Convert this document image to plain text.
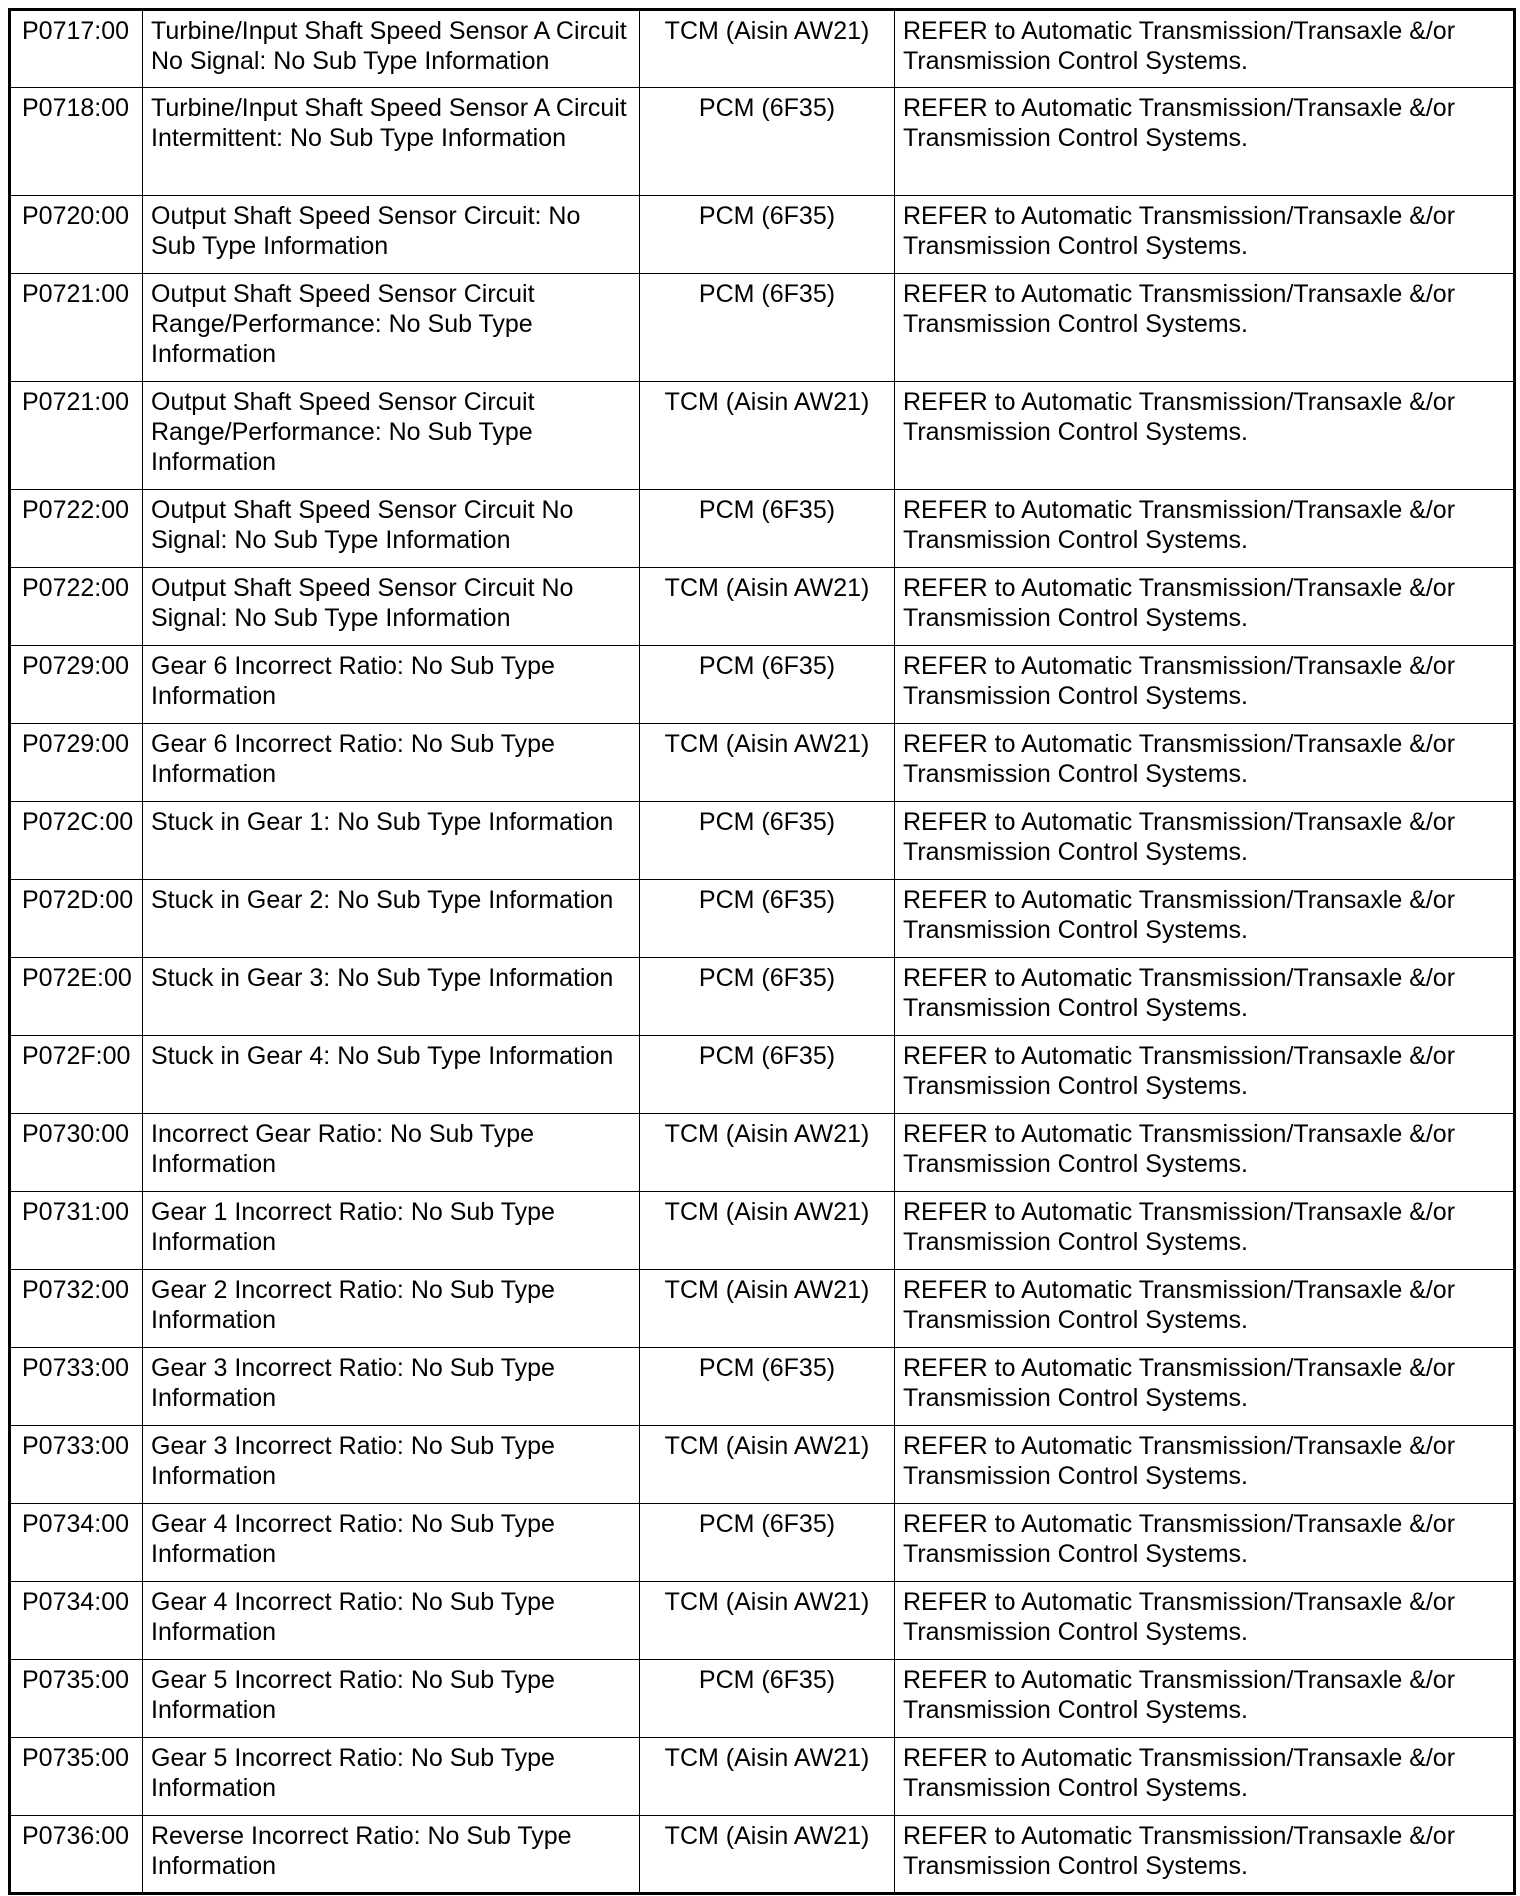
P0717:00	Turbine/Input Shaft Speed Sensor A Circuit No Signal: No Sub Type Information	TCM (Aisin AW21)	REFER to Automatic Transmission/Transaxle &/or Transmission Control Systems.
P0718:00	Turbine/Input Shaft Speed Sensor A Circuit Intermittent: No Sub Type Information	PCM (6F35)	REFER to Automatic Transmission/Transaxle &/or Transmission Control Systems.
P0720:00	Output Shaft Speed Sensor Circuit: No Sub Type Information	PCM (6F35)	REFER to Automatic Transmission/Transaxle &/or Transmission Control Systems.
P0721:00	Output Shaft Speed Sensor Circuit Range/Performance: No Sub Type Information	PCM (6F35)	REFER to Automatic Transmission/Transaxle &/or Transmission Control Systems.
P0721:00	Output Shaft Speed Sensor Circuit Range/Performance: No Sub Type Information	TCM (Aisin AW21)	REFER to Automatic Transmission/Transaxle &/or Transmission Control Systems.
P0722:00	Output Shaft Speed Sensor Circuit No Signal: No Sub Type Information	PCM (6F35)	REFER to Automatic Transmission/Transaxle &/or Transmission Control Systems.
P0722:00	Output Shaft Speed Sensor Circuit No Signal: No Sub Type Information	TCM (Aisin AW21)	REFER to Automatic Transmission/Transaxle &/or Transmission Control Systems.
P0729:00	Gear 6 Incorrect Ratio: No Sub Type Information	PCM (6F35)	REFER to Automatic Transmission/Transaxle &/or Transmission Control Systems.
P0729:00	Gear 6 Incorrect Ratio: No Sub Type Information	TCM (Aisin AW21)	REFER to Automatic Transmission/Transaxle &/or Transmission Control Systems.
P072C:00	Stuck in Gear 1: No Sub Type Information	PCM (6F35)	REFER to Automatic Transmission/Transaxle &/or Transmission Control Systems.
P072D:00	Stuck in Gear 2: No Sub Type Information	PCM (6F35)	REFER to Automatic Transmission/Transaxle &/or Transmission Control Systems.
P072E:00	Stuck in Gear 3: No Sub Type Information	PCM (6F35)	REFER to Automatic Transmission/Transaxle &/or Transmission Control Systems.
P072F:00	Stuck in Gear 4: No Sub Type Information	PCM (6F35)	REFER to Automatic Transmission/Transaxle &/or Transmission Control Systems.
P0730:00	Incorrect Gear Ratio: No Sub Type Information	TCM (Aisin AW21)	REFER to Automatic Transmission/Transaxle &/or Transmission Control Systems.
P0731:00	Gear 1 Incorrect Ratio: No Sub Type Information	TCM (Aisin AW21)	REFER to Automatic Transmission/Transaxle &/or Transmission Control Systems.
P0732:00	Gear 2 Incorrect Ratio: No Sub Type Information	TCM (Aisin AW21)	REFER to Automatic Transmission/Transaxle &/or Transmission Control Systems.
P0733:00	Gear 3 Incorrect Ratio: No Sub Type Information	PCM (6F35)	REFER to Automatic Transmission/Transaxle &/or Transmission Control Systems.
P0733:00	Gear 3 Incorrect Ratio: No Sub Type Information	TCM (Aisin AW21)	REFER to Automatic Transmission/Transaxle &/or Transmission Control Systems.
P0734:00	Gear 4 Incorrect Ratio: No Sub Type Information	PCM (6F35)	REFER to Automatic Transmission/Transaxle &/or Transmission Control Systems.
P0734:00	Gear 4 Incorrect Ratio: No Sub Type Information	TCM (Aisin AW21)	REFER to Automatic Transmission/Transaxle &/or Transmission Control Systems.
P0735:00	Gear 5 Incorrect Ratio: No Sub Type Information	PCM (6F35)	REFER to Automatic Transmission/Transaxle &/or Transmission Control Systems.
P0735:00	Gear 5 Incorrect Ratio: No Sub Type Information	TCM (Aisin AW21)	REFER to Automatic Transmission/Transaxle &/or Transmission Control Systems.
P0736:00	Reverse Incorrect Ratio: No Sub Type Information	TCM (Aisin AW21)	REFER to Automatic Transmission/Transaxle &/or Transmission Control Systems.
